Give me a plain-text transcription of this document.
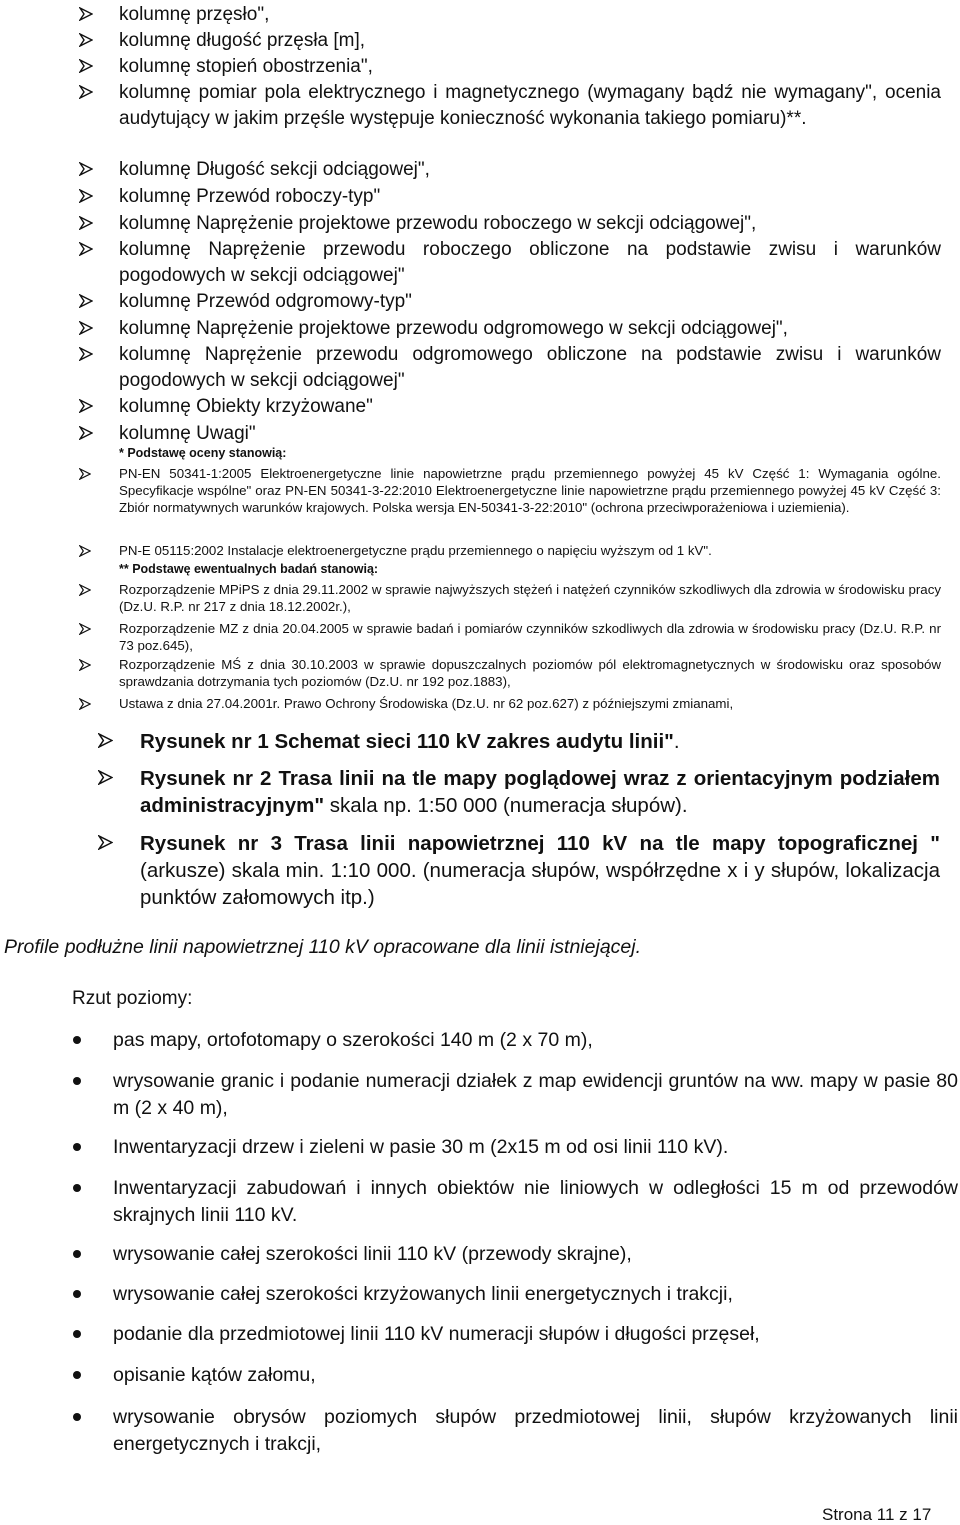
kolumnę przęsło",
kolumnę długość przęsła [m],
kolumnę stopień obostrzenia",
kolumnę pomiar pola elektrycznego i magnetycznego (wymagany bądź nie wymagany", ocenia audytujący w jakim przęśle występuje konieczność wykonania takiego pomiaru)**.
kolumnę Długość sekcji odciągowej",
kolumnę Przewód roboczy-typ"
kolumnę Naprężenie projektowe przewodu roboczego w sekcji odciągowej",
kolumnę Naprężenie przewodu roboczego obliczone na podstawie zwisu i warunków pogodowych w sekcji odciągowej"
kolumnę Przewód odgromowy-typ"
kolumnę Naprężenie projektowe przewodu odgromowego w sekcji odciągowej",
kolumnę Naprężenie przewodu odgromowego obliczone na podstawie zwisu i warunków pogodowych w sekcji odciągowej"
kolumnę Obiekty krzyżowane"
kolumnę Uwagi"
* Podstawę oceny stanowią:
PN-EN 50341-1:2005 Elektroenergetyczne linie napowietrzne prądu przemiennego powyżej 45 kV Część 1: Wymagania ogólne. Specyfikacje wspólne" oraz PN-EN 50341-3-22:2010 Elektroenergetyczne linie napowietrzne prądu przemiennego powyżej 45 kV Część 3: Zbiór normatywnych warunków krajowych. Polska wersja EN-50341-3-22:2010" (ochrona przeciwporażeniowa i uziemienia).
PN-E 05115:2002 Instalacje elektroenergetyczne prądu przemiennego o napięciu wyższym od 1 kV".
** Podstawę ewentualnych badań stanowią:
Rozporządzenie MPiPS z dnia 29.11.2002 w sprawie najwyższych stężeń i natężeń czynników szkodliwych dla zdrowia w środowisku pracy (Dz.U. R.P. nr 217 z dnia 18.12.2002r.),
Rozporządzenie MZ z dnia 20.04.2005 w sprawie badań i pomiarów czynników szkodliwych dla zdrowia w środowisku pracy (Dz.U. R.P. nr 73 poz.645),
Rozporządzenie MŚ z dnia 30.10.2003 w sprawie dopuszczalnych poziomów pól elektromagnetycznych w środowisku oraz sposobów sprawdzania dotrzymania tych poziomów (Dz.U. nr 192 poz.1883),
Ustawa z dnia 27.04.2001r. Prawo Ochrony Środowiska (Dz.U. nr 62 poz.627) z późniejszymi zmianami,
Rysunek nr 1 Schemat sieci 110 kV zakres audytu linii".
Rysunek nr 2 Trasa linii na tle mapy poglądowej wraz z orientacyjnym podziałem administracyjnym" skala np. 1:50 000 (numeracja słupów).
Rysunek nr 3 Trasa linii napowietrznej 110 kV na tle mapy topograficznej " (arkusze) skala min. 1:10 000. (numeracja słupów, współrzędne x i y słupów, lokalizacja punktów załomowych itp.)
Profile podłużne linii napowietrznej 110 kV opracowane dla linii istniejącej.
Rzut poziomy:
pas mapy, ortofotomapy o szerokości 140 m (2 x 70 m),
wrysowanie granic i podanie numeracji działek z map ewidencji gruntów na ww. mapy w pasie 80 m (2 x 40 m),
Inwentaryzacji drzew i zieleni w pasie 30 m (2x15 m od osi linii 110 kV).
Inwentaryzacji zabudowań i innych obiektów nie liniowych w odległości 15 m od przewodów skrajnych linii 110 kV.
wrysowanie całej szerokości linii 110 kV (przewody skrajne),
wrysowanie całej szerokości krzyżowanych linii energetycznych i trakcji,
podanie dla przedmiotowej linii 110 kV numeracji słupów i długości przęseł,
opisanie kątów załomu,
wrysowanie obrysów poziomych słupów przedmiotowej linii, słupów krzyżowanych linii energetycznych i trakcji,
Strona 11 z 17
